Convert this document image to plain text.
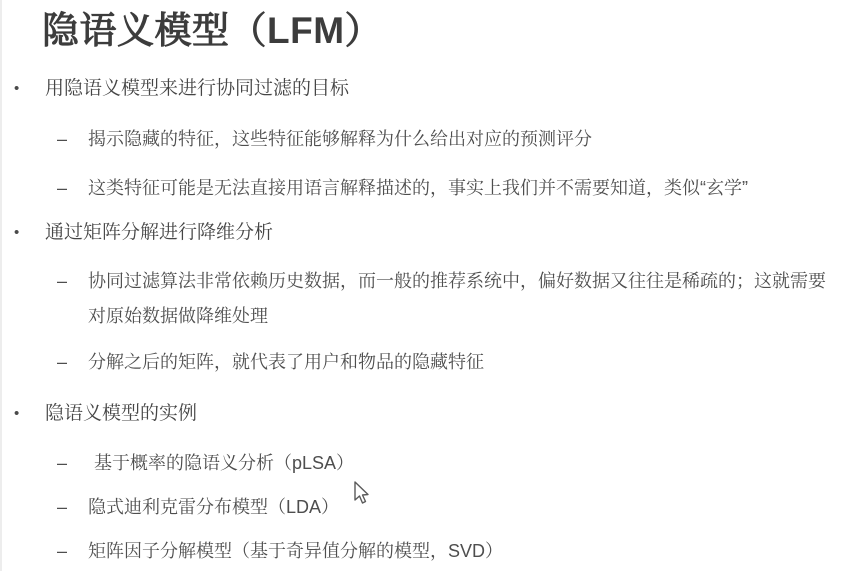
隐语义模型（LFM）
•	用隐语义模型来进行协同过滤的目标
–	揭示隐藏的特征，这些特征能够解释为什么给出对应的预测评分
–	这类特征可能是无法直接用语言解释描述的，事实上我们并不需要知道，类似“玄学”
•	通过矩阵分解进行降维分析
–	协同过滤算法非常依赖历史数据，而一般的推荐系统中，偏好数据又往往是稀疏的；这就需要对原始数据做降维处理
–	分解之后的矩阵，就代表了用户和物品的隐藏特征
•	隐语义模型的实例
–	基于概率的隐语义分析（pLSA）
–	隐式迪利克雷分布模型（LDA）
–	矩阵因子分解模型（基于奇异值分解的模型，SVD）
